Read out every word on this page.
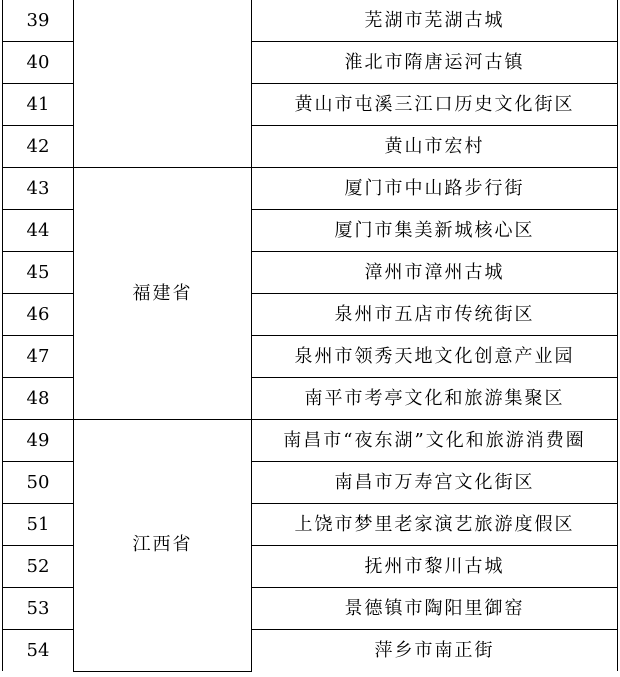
39		芜湖市芜湖古城
40		淮北市隋唐运河古镇
41		黄山市屯溪三江口历史文化街区
42		黄山市宏村
43	福建省	厦门市中山路步行街
44		厦门市集美新城核心区
45		漳州市漳州古城
46		泉州市五店市传统街区
47		泉州市领秀天地文化创意产业园
48		南平市考亭文化和旅游集聚区
49	江西省	南昌市“夜东湖”文化和旅游消费圈
50		南昌市万寿宫文化街区
51		上饶市梦里老家演艺旅游度假区
52		抚州市黎川古城
53		景德镇市陶阳里御窑
54		萍乡市南正街
